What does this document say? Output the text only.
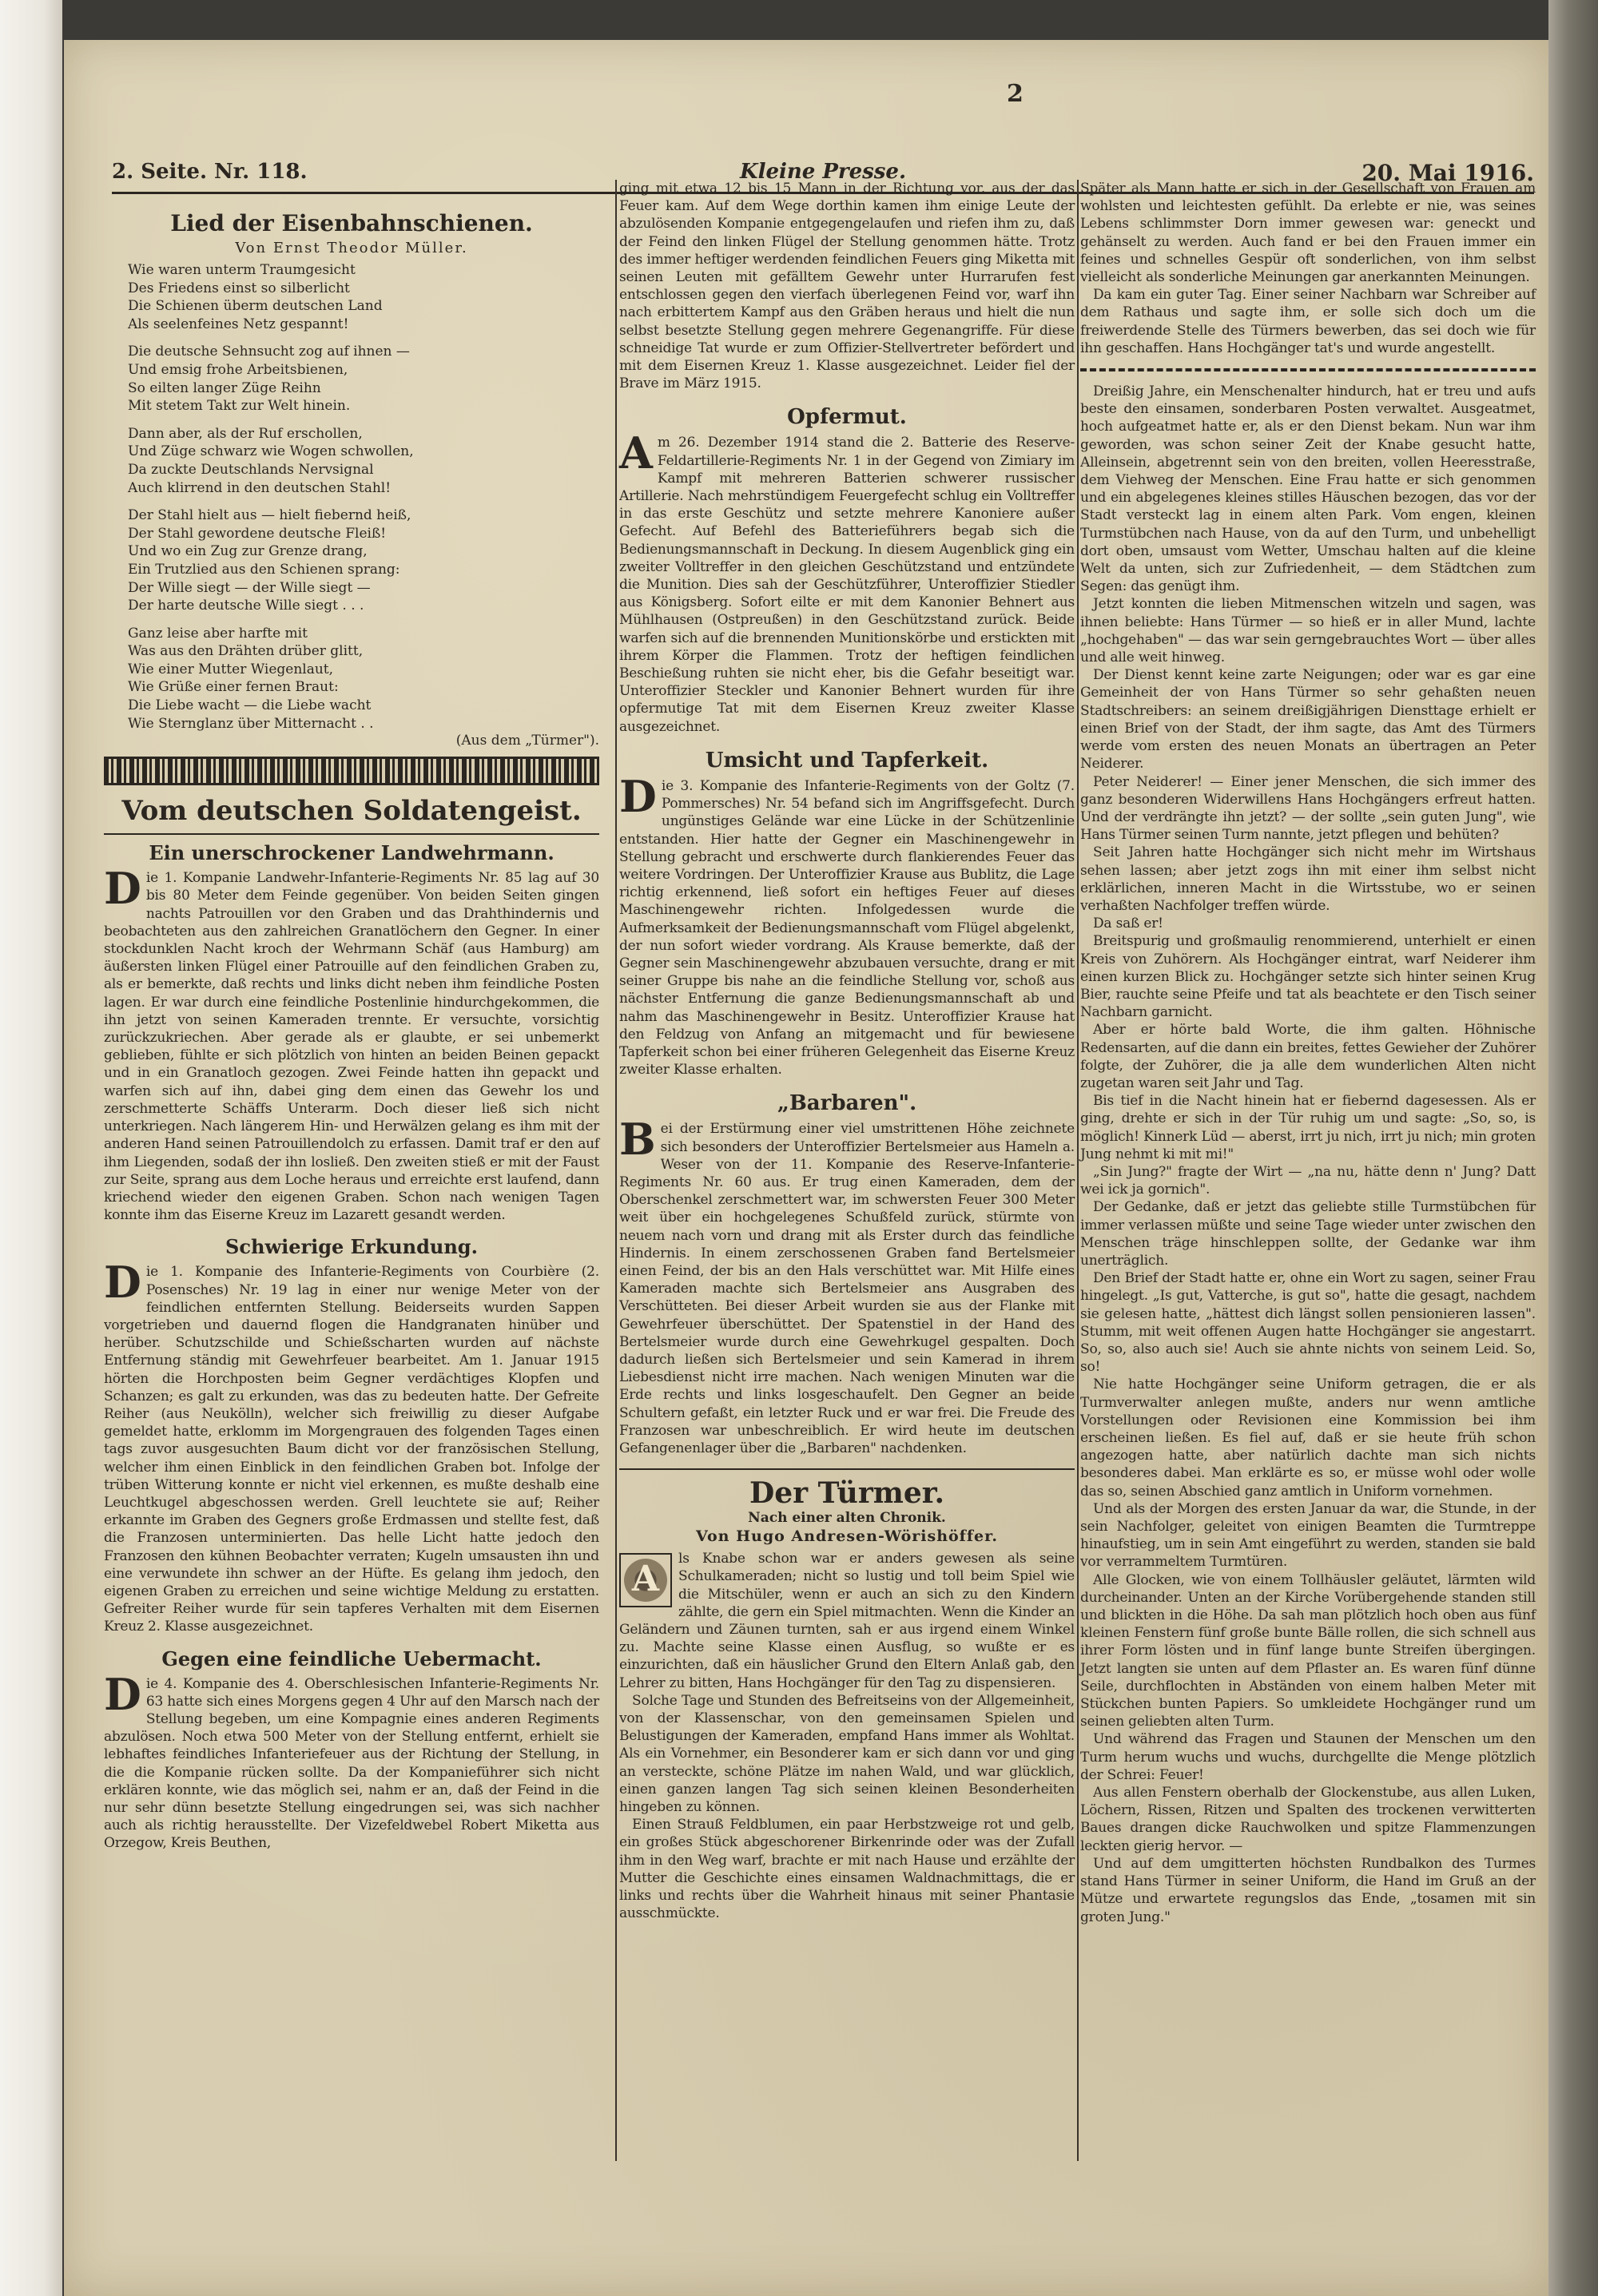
2
2. Seite. Nr. 118.	Kleine Presse.	20. Mai 1916.
Lied der Eisenbahnschienen.
Von Ernst Theodor Müller.

Wie waren unterm Traumgesicht
Des Friedens einst so silberlicht
Die Schienen überm deutschen Land
Als seelenfeines Netz gespannt!

Die deutsche Sehnsucht zog auf ihnen —
Und emsig frohe Arbeitsbienen,
So eilten langer Züge Reihn
Mit stetem Takt zur Welt hinein.

Dann aber, als der Ruf erschollen,
Und Züge schwarz wie Wogen schwollen,
Da zuckte Deutschlands Nervsignal
Auch klirrend in den deutschen Stahl!

Der Stahl hielt aus — hielt fiebernd heiß,
Der Stahl gewordene deutsche Fleiß!
Und wo ein Zug zur Grenze drang,
Ein Trutzlied aus den Schienen sprang:
Der Wille siegt — der Wille siegt —
Der harte deutsche Wille siegt . . .

Ganz leise aber harfte mit
Was aus den Drähten drüber glitt,
Wie einer Mutter Wiegenlaut,
Wie Grüße einer fernen Braut:
Die Liebe wacht — die Liebe wacht
Wie Sternglanz über Mitternacht . .

(Aus dem „Türmer").

Vom deutschen Soldatengeist.
Ein unerschrockener Landwehrmann.
D ie 1. Kompanie Landwehr-Infanterie-Regiments Nr. 85 lag auf 30 bis 80 Meter dem Feinde gegenüber. Von beiden Seiten gingen nachts Patrouillen vor den Graben und das Drahthindernis und beobachteten aus den zahlreichen Granatlöchern den Gegner. In einer stockdunklen Nacht kroch der Wehrmann Schäf (aus Hamburg) am äußersten linken Flügel einer Patrouille auf den feindlichen Graben zu, als er bemerkte, daß rechts und links dicht neben ihm feindliche Posten lagen. Er war durch eine feindliche Postenlinie hindurchgekommen, die ihn jetzt von seinen Kameraden trennte. Er versuchte, vorsichtig zurückzukriechen. Aber gerade als er glaubte, er sei unbemerkt geblieben, fühlte er sich plötzlich von hinten an beiden Beinen gepackt und in ein Granatloch gezogen. Zwei Feinde hatten ihn gepackt und warfen sich auf ihn, dabei ging dem einen das Gewehr los und zerschmetterte Schäffs Unterarm. Doch dieser ließ sich nicht unterkriegen. Nach längerem Hin- und Herwälzen gelang es ihm mit der anderen Hand seinen Patrouillendolch zu erfassen. Damit traf er den auf ihm Liegenden, sodaß der ihn losließ. Den zweiten stieß er mit der Faust zur Seite, sprang aus dem Loche heraus und erreichte erst laufend, dann kriechend wieder den eigenen Graben. Schon nach wenigen Tagen konnte ihm das Eiserne Kreuz im Lazarett gesandt werden.

Schwierige Erkundung.
D ie 1. Kompanie des Infanterie-Regiments von Courbière (2. Posensches) Nr. 19 lag in einer nur wenige Meter von der feindlichen entfernten Stellung. Beiderseits wurden Sappen vorgetrieben und dauernd flogen die Handgranaten hinüber und herüber. Schutzschilde und Schießscharten wurden auf nächste Entfernung ständig mit Gewehrfeuer bearbeitet. Am 1. Januar 1915 hörten die Horchposten beim Gegner verdächtiges Klopfen und Schanzen; es galt zu erkunden, was das zu bedeuten hatte. Der Gefreite Reiher (aus Neukölln), welcher sich freiwillig zu dieser Aufgabe gemeldet hatte, erklomm im Morgengrauen des folgenden Tages einen tags zuvor ausgesuchten Baum dicht vor der französischen Stellung, welcher ihm einen Einblick in den feindlichen Graben bot. Infolge der trüben Witterung konnte er nicht viel erkennen, es mußte deshalb eine Leuchtkugel abgeschossen werden. Grell leuchtete sie auf; Reiher erkannte im Graben des Gegners große Erdmassen und stellte fest, daß die Franzosen unterminierten. Das helle Licht hatte jedoch den Franzosen den kühnen Beobachter verraten; Kugeln umsausten ihn und eine verwundete ihn schwer an der Hüfte. Es gelang ihm jedoch, den eigenen Graben zu erreichen und seine wichtige Meldung zu erstatten. Gefreiter Reiher wurde für sein tapferes Verhalten mit dem Eisernen Kreuz 2. Klasse ausgezeichnet.

Gegen eine feindliche Uebermacht.
D ie 4. Kompanie des 4. Oberschlesischen Infanterie-Regiments Nr. 63 hatte sich eines Morgens gegen 4 Uhr auf den Marsch nach der Stellung begeben, um eine Kompagnie eines anderen Regiments abzulösen. Noch etwa 500 Meter von der Stellung entfernt, erhielt sie lebhaftes feindliches Infanteriefeuer aus der Richtung der Stellung, in die die Kompanie rücken sollte. Da der Kompanieführer sich nicht erklären konnte, wie das möglich sei, nahm er an, daß der Feind in die nur sehr dünn besetzte Stellung eingedrungen sei, was sich nachher auch als richtig herausstellte. Der Vizefeldwebel Robert Miketta aus Orzegow, Kreis Beuthen,

ging mit etwa 12 bis 15 Mann in der Richtung vor, aus der das Feuer kam. Auf dem Wege dorthin kamen ihm einige Leute der abzulösenden Kompanie entgegengelaufen und riefen ihm zu, daß der Feind den linken Flügel der Stellung genommen hätte. Trotz des immer heftiger werdenden feindlichen Feuers ging Miketta mit seinen Leuten mit gefälltem Gewehr unter Hurrarufen fest entschlossen gegen den vierfach überlegenen Feind vor, warf ihn nach erbittertem Kampf aus den Gräben heraus und hielt die nun selbst besetzte Stellung gegen mehrere Gegenangriffe. Für diese schneidige Tat wurde er zum Offizier-Stellvertreter befördert und mit dem Eisernen Kreuz 1. Klasse ausgezeichnet. Leider fiel der Brave im März 1915.

Opfermut.
A m 26. Dezember 1914 stand die 2. Batterie des Reserve-Feldartillerie-Regiments Nr. 1 in der Gegend von Zimiary im Kampf mit mehreren Batterien schwerer russischer Artillerie. Nach mehrstündigem Feuergefecht schlug ein Volltreffer in das erste Geschütz und setzte mehrere Kanoniere außer Gefecht. Auf Befehl des Batterieführers begab sich die Bedienungsmannschaft in Deckung. In diesem Augenblick ging ein zweiter Volltreffer in den gleichen Geschützstand und entzündete die Munition. Dies sah der Geschützführer, Unteroffizier Stiedler aus Königsberg. Sofort eilte er mit dem Kanonier Behnert aus Mühlhausen (Ostpreußen) in den Geschützstand zurück. Beide warfen sich auf die brennenden Munitionskörbe und erstickten mit ihrem Körper die Flammen. Trotz der heftigen feindlichen Beschießung ruhten sie nicht eher, bis die Gefahr beseitigt war. Unteroffizier Steckler und Kanonier Behnert wurden für ihre opfermutige Tat mit dem Eisernen Kreuz zweiter Klasse ausgezeichnet.

Umsicht und Tapferkeit.
D ie 3. Kompanie des Infanterie-Regiments von der Goltz (7. Pommersches) Nr. 54 befand sich im Angriffsgefecht. Durch ungünstiges Gelände war eine Lücke in der Schützenlinie entstanden. Hier hatte der Gegner ein Maschinengewehr in Stellung gebracht und erschwerte durch flankierendes Feuer das weitere Vordringen. Der Unteroffizier Krause aus Bublitz, die Lage richtig erkennend, ließ sofort ein heftiges Feuer auf dieses Maschinengewehr richten. Infolgedessen wurde die Aufmerksamkeit der Bedienungsmannschaft vom Flügel abgelenkt, der nun sofort wieder vordrang. Als Krause bemerkte, daß der Gegner sein Maschinengewehr abzubauen versuchte, drang er mit seiner Gruppe bis nahe an die feindliche Stellung vor, schoß aus nächster Entfernung die ganze Bedienungsmannschaft ab und nahm das Maschinengewehr in Besitz. Unteroffizier Krause hat den Feldzug von Anfang an mitgemacht und für bewiesene Tapferkeit schon bei einer früheren Gelegenheit das Eiserne Kreuz zweiter Klasse erhalten.

„Barbaren".
B ei der Erstürmung einer viel umstrittenen Höhe zeichnete sich besonders der Unteroffizier Bertelsmeier aus Hameln a. Weser von der 11. Kompanie des Reserve-Infanterie-Regiments Nr. 60 aus. Er trug einen Kameraden, dem der Oberschenkel zerschmettert war, im schwersten Feuer 300 Meter weit über ein hochgelegenes Schußfeld zurück, stürmte von neuem nach vorn und drang mit als Erster durch das feindliche Hindernis. In einem zerschossenen Graben fand Bertelsmeier einen Feind, der bis an den Hals verschüttet war. Mit Hilfe eines Kameraden machte sich Bertelsmeier ans Ausgraben des Verschütteten. Bei dieser Arbeit wurden sie aus der Flanke mit Gewehrfeuer überschüttet. Der Spatenstiel in der Hand des Bertelsmeier wurde durch eine Gewehrkugel gespalten. Doch dadurch ließen sich Bertelsmeier und sein Kamerad in ihrem Liebesdienst nicht irre machen. Nach wenigen Minuten war die Erde rechts und links losgeschaufelt. Den Gegner an beide Schultern gefaßt, ein letzter Ruck und er war frei. Die Freude des Franzosen war unbeschreiblich. Er wird heute im deutschen Gefangenenlager über die „Barbaren" nachdenken.

Der Türmer.
Nach einer alten Chronik.
Von Hugo Andresen-Wörishöffer.
A	ls Knabe schon war er anders gewesen als seine Schulkameraden; nicht so lustig und toll beim Spiel wie die Mitschüler, wenn er auch an sich zu den Kindern zählte, die gern ein Spiel mitmachten. Wenn die Kinder an Geländern und Zäunen turnten, sah er aus irgend einem Winkel zu. Machte seine Klasse einen Ausflug, so wußte er es einzurichten, daß ein häuslicher Grund den Eltern Anlaß gab, den Lehrer zu bitten, Hans Hochgänger für den Tag zu dispensieren.

Solche Tage und Stunden des Befreitseins von der Allgemeinheit, von der Klassenschar, von den gemeinsamen Spielen und Belustigungen der Kameraden, empfand Hans immer als Wohltat. Als ein Vornehmer, ein Besonderer kam er sich dann vor und ging an versteckte, schöne Plätze im nahen Wald, und war glücklich, einen ganzen langen Tag sich seinen kleinen Besonderheiten hingeben zu können.

Einen Strauß Feldblumen, ein paar Herbstzweige rot und gelb, ein großes Stück abgeschorener Birkenrinde oder was der Zufall ihm in den Weg warf, brachte er mit nach Hause und erzählte der Mutter die Geschichte eines einsamen Waldnachmittags, die er links und rechts über die Wahrheit hinaus mit seiner Phantasie ausschmückte.

Später als Mann hatte er sich in der Gesellschaft von Frauen am wohlsten und leichtesten gefühlt. Da erlebte er nie, was seines Lebens schlimmster Dorn immer gewesen war: geneckt und gehänselt zu werden. Auch fand er bei den Frauen immer ein feines und schnelles Gespür oft sonderlichen, von ihm selbst vielleicht als sonderliche Meinungen gar anerkannten Meinungen.

Da kam ein guter Tag. Einer seiner Nachbarn war Schreiber auf dem Rathaus und sagte ihm, er solle sich doch um die freiwerdende Stelle des Türmers bewerben, das sei doch wie für ihn geschaffen. Hans Hochgänger tat's und wurde angestellt.

Dreißig Jahre, ein Menschenalter hindurch, hat er treu und aufs beste den einsamen, sonderbaren Posten verwaltet. Ausgeatmet, hoch aufgeatmet hatte er, als er den Dienst bekam. Nun war ihm geworden, was schon seiner Zeit der Knabe gesucht hatte, Alleinsein, abgetrennt sein von den breiten, vollen Heeresstraße, dem Viehweg der Menschen. Eine Frau hatte er sich genommen und ein abgelegenes kleines stilles Häuschen bezogen, das vor der Stadt versteckt lag in einem alten Park. Vom engen, kleinen Turmstübchen nach Hause, von da auf den Turm, und unbehelligt dort oben, umsaust vom Wetter, Umschau halten auf die kleine Welt da unten, sich zur Zufriedenheit, — dem Städtchen zum Segen: das genügt ihm.

Jetzt konnten die lieben Mitmenschen witzeln und sagen, was ihnen beliebte: Hans Türmer — so hieß er in aller Mund, lachte „hochgehaben" — das war sein gerngebrauchtes Wort — über alles und alle weit hinweg.

Der Dienst kennt keine zarte Neigungen; oder war es gar eine Gemeinheit der von Hans Türmer so sehr gehaßten neuen Stadtschreibers: an seinem dreißigjährigen Diensttage erhielt er einen Brief von der Stadt, der ihm sagte, das Amt des Türmers werde vom ersten des neuen Monats an übertragen an Peter Neiderer.

Peter Neiderer! — Einer jener Menschen, die sich immer des ganz besonderen Widerwillens Hans Hochgängers erfreut hatten. Und der verdrängte ihn jetzt? — der sollte „sein guten Jung", wie Hans Türmer seinen Turm nannte, jetzt pflegen und behüten?

Seit Jahren hatte Hochgänger sich nicht mehr im Wirtshaus sehen lassen; aber jetzt zogs ihn mit einer ihm selbst nicht erklärlichen, inneren Macht in die Wirtsstube, wo er seinen verhaßten Nachfolger treffen würde.

Da saß er!

Breitspurig und großmaulig renommierend, unterhielt er einen Kreis von Zuhörern. Als Hochgänger eintrat, warf Neiderer ihm einen kurzen Blick zu. Hochgänger setzte sich hinter seinen Krug Bier, rauchte seine Pfeife und tat als beachtete er den Tisch seiner Nachbarn garnicht.

Aber er hörte bald Worte, die ihm galten. Höhnische Redensarten, auf die dann ein breites, fettes Gewieher der Zuhörer folgte, der Zuhörer, die ja alle dem wunderlichen Alten nicht zugetan waren seit Jahr und Tag.

Bis tief in die Nacht hinein hat er fiebernd dagesessen. Als er ging, drehte er sich in der Tür ruhig um und sagte: „So, so, is möglich! Kinnerk Lüd — aberst, irrt ju nich, irrt ju nich; min groten Jung nehmt ki mit mi!"

„Sin Jung?" fragte der Wirt — „na nu, hätte denn n' Jung? Datt wei ick ja gornich".

Der Gedanke, daß er jetzt das geliebte stille Turmstübchen für immer verlassen müßte und seine Tage wieder unter zwischen den Menschen träge hinschleppen sollte, der Gedanke war ihm unerträglich.

Den Brief der Stadt hatte er, ohne ein Wort zu sagen, seiner Frau hingelegt. „Is gut, Vatterche, is gut so", hatte die gesagt, nachdem sie gelesen hatte, „hättest dich längst sollen pensionieren lassen". Stumm, mit weit offenen Augen hatte Hochgänger sie angestarrt. So, so, also auch sie! Auch sie ahnte nichts von seinem Leid. So, so!

Nie hatte Hochgänger seine Uniform getragen, die er als Turmverwalter anlegen mußte, anders nur wenn amtliche Vorstellungen oder Revisionen eine Kommission bei ihm erscheinen ließen. Es fiel auf, daß er sie heute früh schon angezogen hatte, aber natürlich dachte man sich nichts besonderes dabei. Man erklärte es so, er müsse wohl oder wolle das so, seinen Abschied ganz amtlich in Uniform vornehmen.

Und als der Morgen des ersten Januar da war, die Stunde, in der sein Nachfolger, geleitet von einigen Beamten die Turmtreppe hinaufstieg, um in sein Amt eingeführt zu werden, standen sie bald vor verrammeltem Turmtüren.

Alle Glocken, wie von einem Tollhäusler geläutet, lärmten wild durcheinander. Unten an der Kirche Vorübergehende standen still und blickten in die Höhe. Da sah man plötzlich hoch oben aus fünf kleinen Fenstern fünf große bunte Bälle rollen, die sich schnell aus ihrer Form lösten und in fünf lange bunte Streifen übergingen. Jetzt langten sie unten auf dem Pflaster an. Es waren fünf dünne Seile, durchflochten in Abständen von einem halben Meter mit Stückchen bunten Papiers. So umkleidete Hochgänger rund um seinen geliebten alten Turm.

Und während das Fragen und Staunen der Menschen um den Turm herum wuchs und wuchs, durchgellte die Menge plötzlich der Schrei: Feuer!

Aus allen Fenstern oberhalb der Glockenstube, aus allen Luken, Löchern, Rissen, Ritzen und Spalten des trockenen verwitterten Baues drangen dicke Rauchwolken und spitze Flammenzungen leckten gierig hervor. —

Und auf dem umgitterten höchsten Rundbalkon des Turmes stand Hans Türmer in seiner Uniform, die Hand im Gruß an der Mütze und erwartete regungslos das Ende, „tosamen mit sin groten Jung."
